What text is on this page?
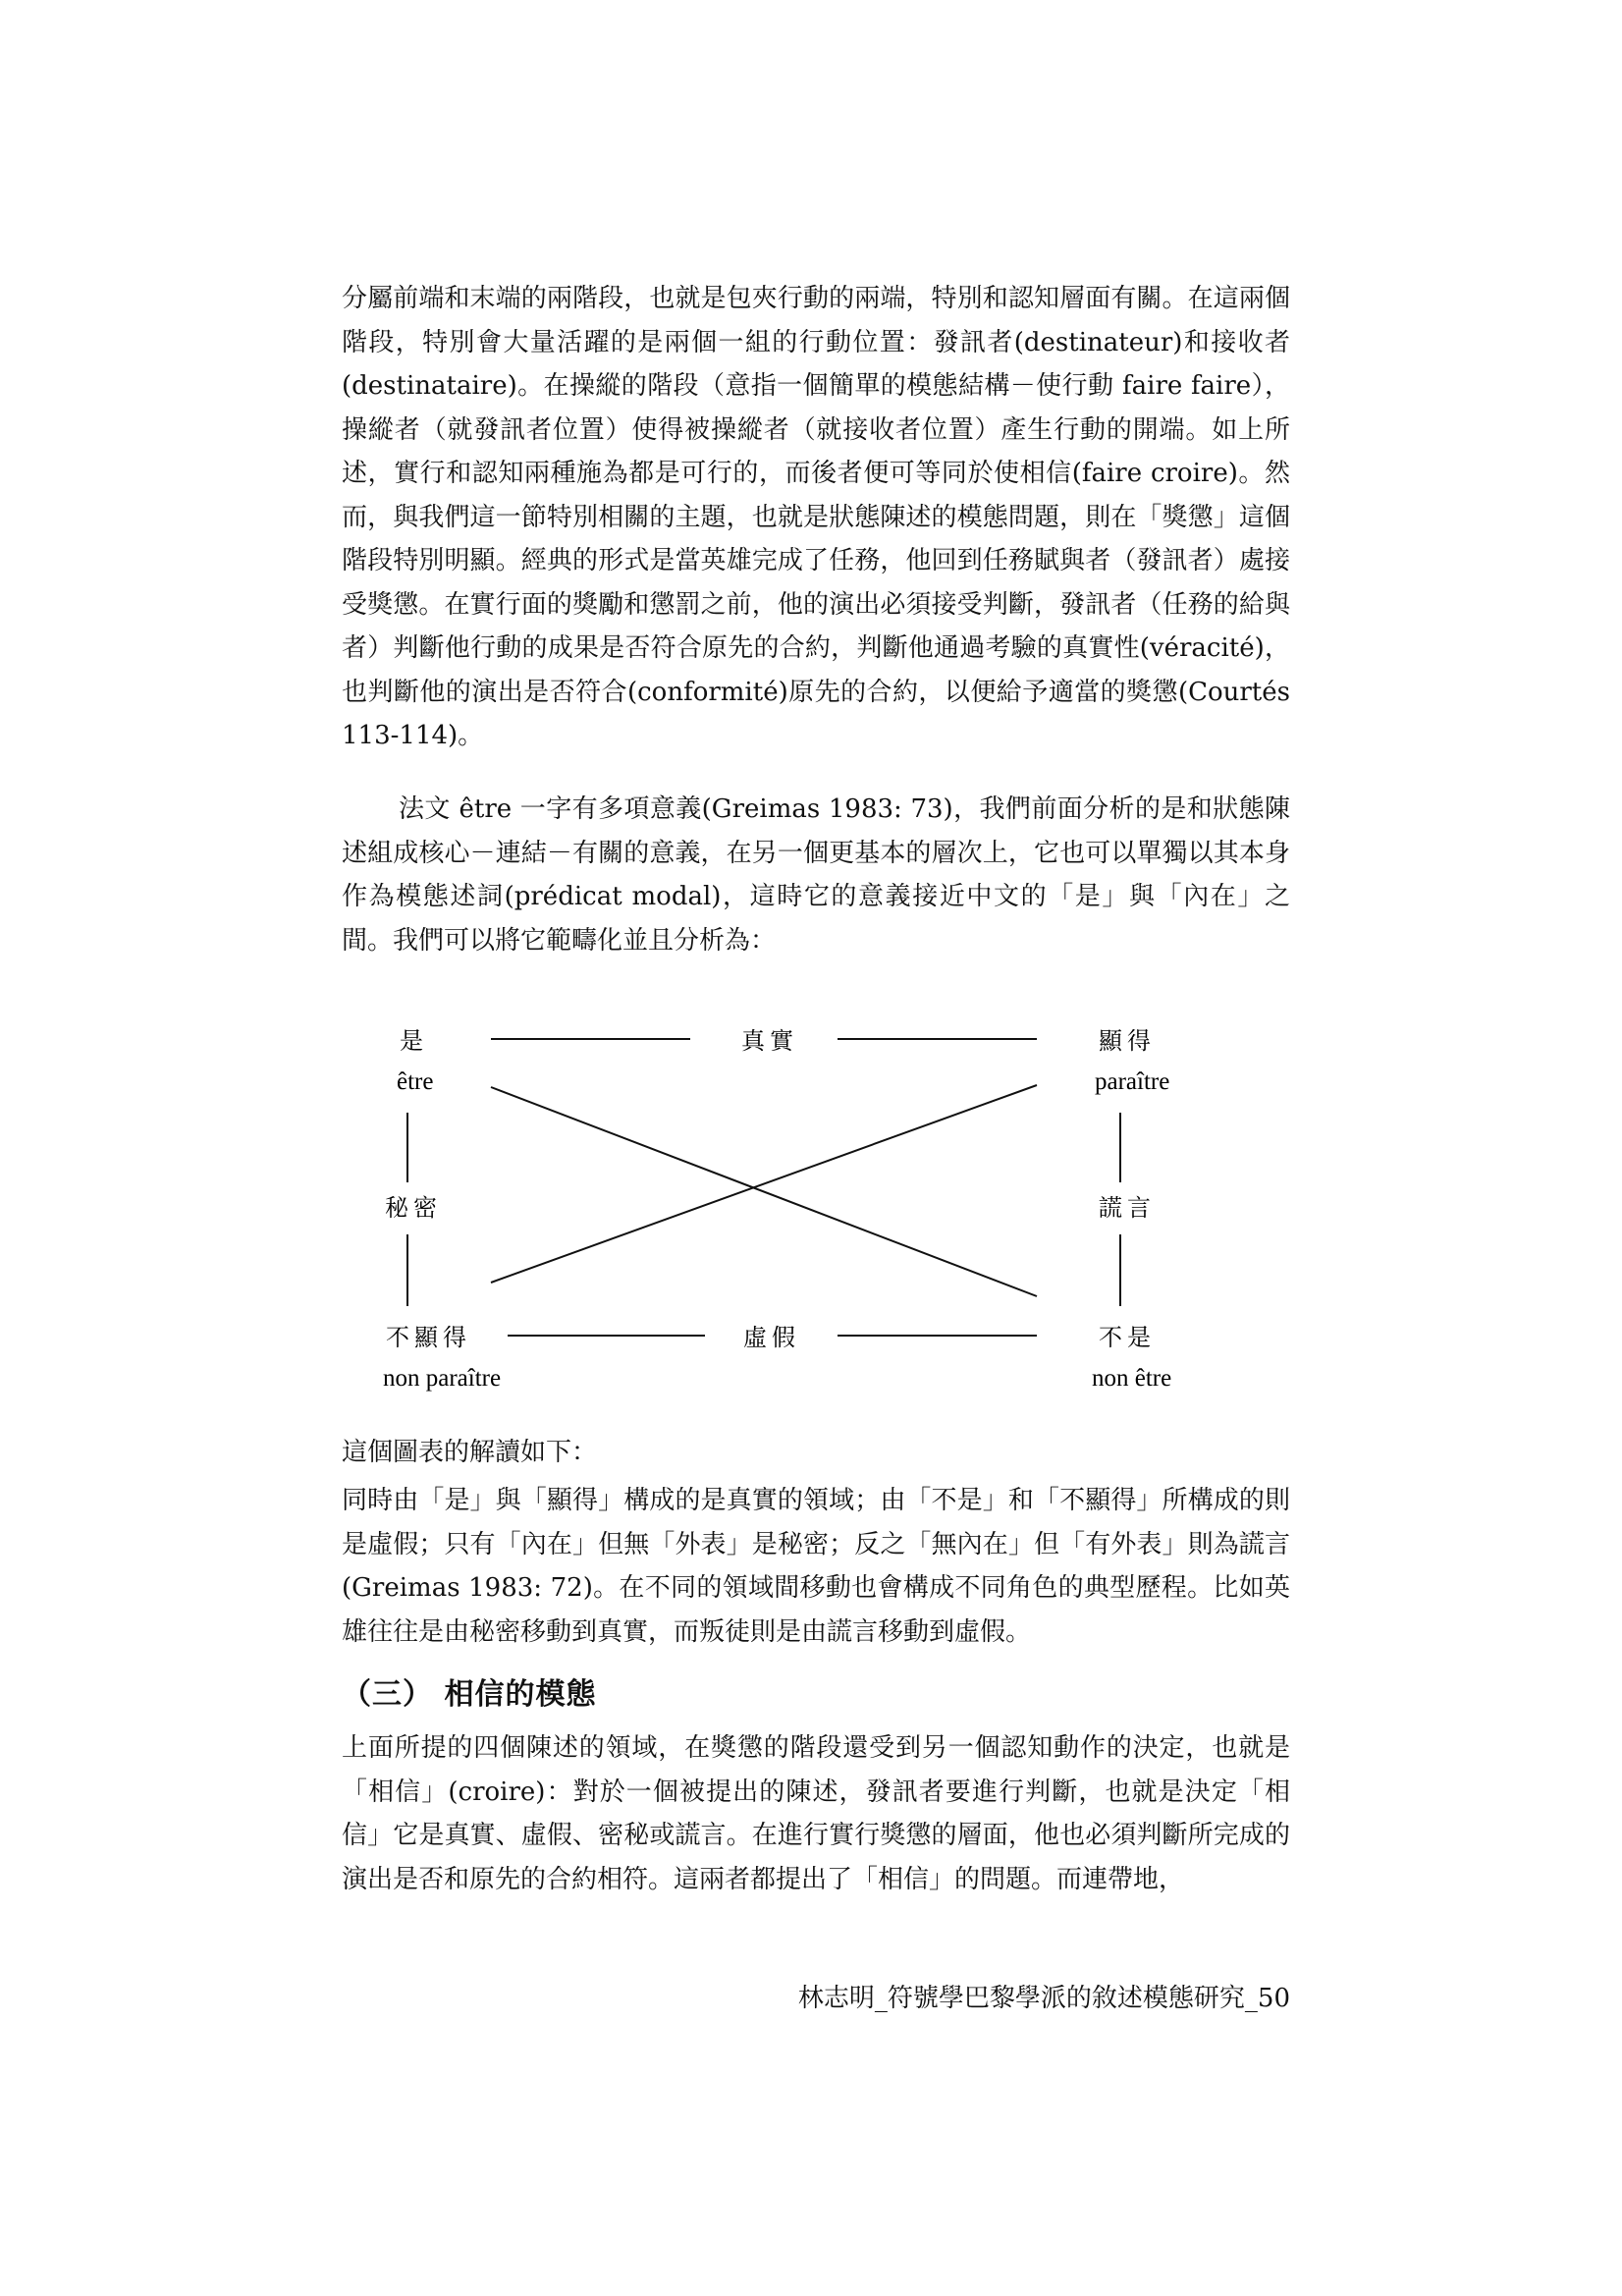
分屬前端和末端的兩階段，也就是包夾行動的兩端，特別和認知層面有關。在這兩個階段，特別會大量活躍的是兩個一組的行動位置：發訊者(destinateur)和接收者(destinataire)。在操縱的階段（意指一個簡單的模態結構－使行動 faire faire），操縱者（就發訊者位置）使得被操縱者（就接收者位置）產生行動的開端。如上所述，實行和認知兩種施為都是可行的，而後者便可等同於使相信(faire croire)。然而，與我們這一節特別相關的主題，也就是狀態陳述的模態問題，則在「獎懲」這個階段特別明顯。經典的形式是當英雄完成了任務，他回到任務賦與者（發訊者）處接受獎懲。在實行面的獎勵和懲罰之前，他的演出必須接受判斷，發訊者（任務的給與者）判斷他行動的成果是否符合原先的合約，判斷他通過考驗的真實性(véracité)，也判斷他的演出是否符合(conformité)原先的合約，以便給予適當的獎懲(Courtés 113-114)。

法文 être 一字有多項意義(Greimas 1983: 73)，我們前面分析的是和狀態陳述組成核心－連結－有關的意義，在另一個更基本的層次上，它也可以單獨以其本身作為模態述詞(prédicat modal)，這時它的意義接近中文的「是」與「內在」之間。我們可以將它範疇化並且分析為：

是
être
顯得
paraître
不顯得
non paraître
不是
non être
真實
虛假
秘密	謊言

這個圖表的解讀如下：

同時由「是」與「顯得」構成的是真實的領域；由「不是」和「不顯得」所構成的則是虛假；只有「內在」但無「外表」是秘密；反之「無內在」但「有外表」則為謊言(Greimas 1983: 72)。在不同的領域間移動也會構成不同角色的典型歷程。比如英雄往往是由秘密移動到真實，而叛徒則是由謊言移動到虛假。

（三） 相信的模態

上面所提的四個陳述的領域，在獎懲的階段還受到另一個認知動作的決定，也就是「相信」(croire)：對於一個被提出的陳述，發訊者要進行判斷，也就是決定「相信」它是真實、虛假、密秘或謊言。在進行實行獎懲的層面，他也必須判斷所完成的演出是否和原先的合約相符。這兩者都提出了「相信」的問題。而連帶地，

林志明_符號學巴黎學派的敘述模態研究_50
